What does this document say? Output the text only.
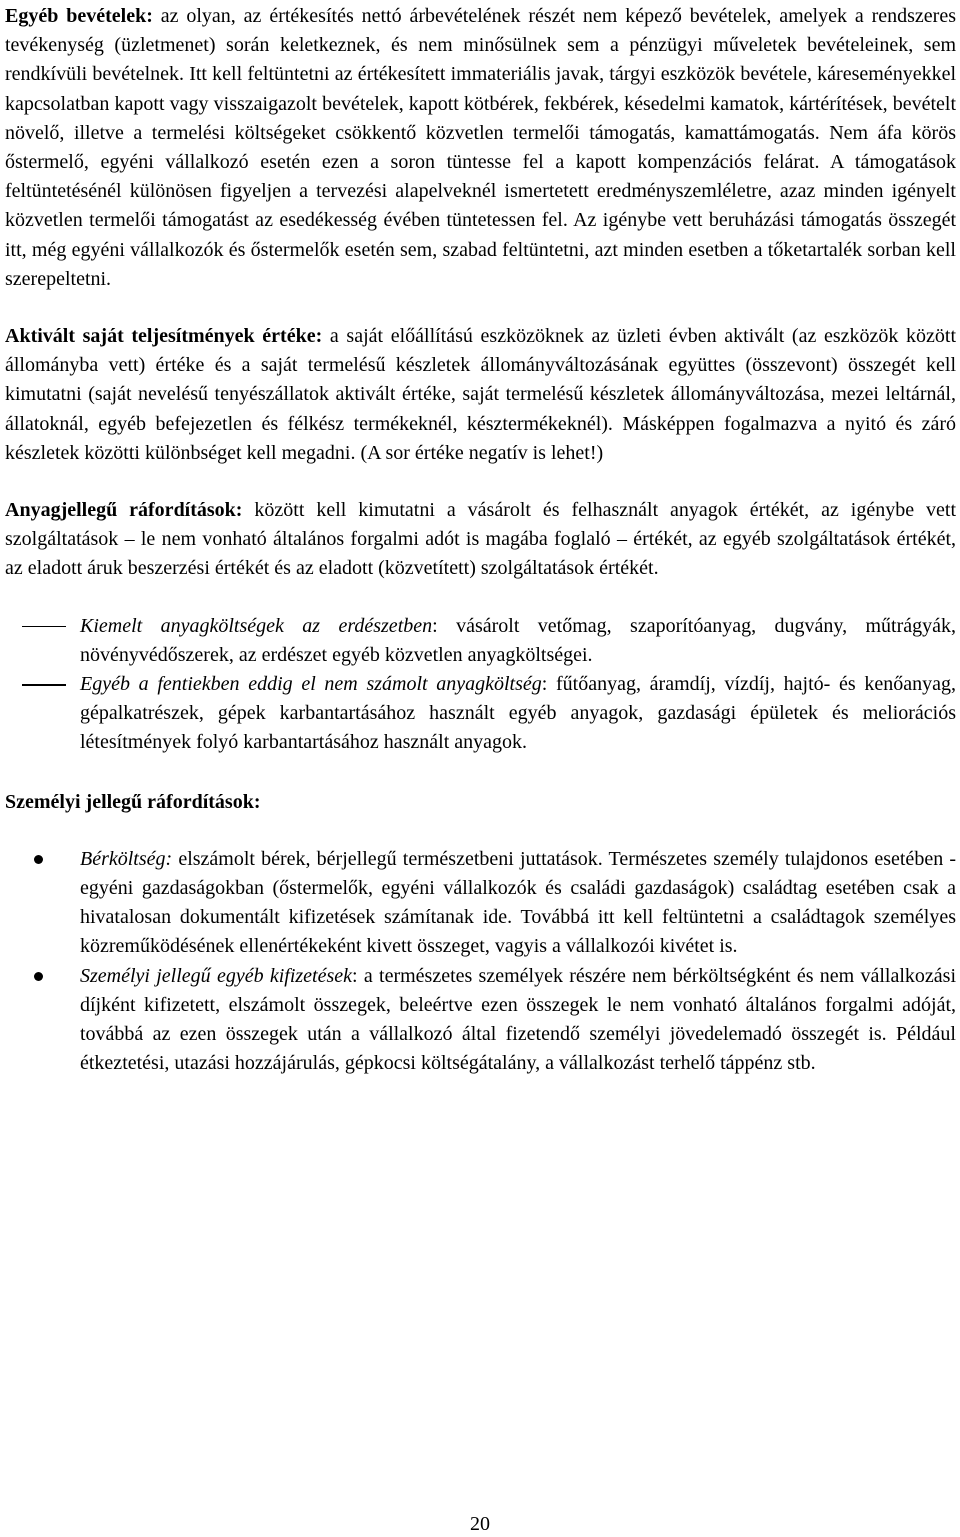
Egyéb bevételek: az olyan, az értékesítés nettó árbevételének részét nem képező bevételek, amelyek a rendszeres tevékenység (üzletmenet) során keletkeznek, és nem minősülnek sem a pénzügyi műveletek bevételeinek, sem rendkívüli bevételnek. Itt kell feltüntetni az értékesített immateriális javak, tárgyi eszközök bevétele, káreseményekkel kapcsolatban kapott vagy visszaigazolt bevételek, kapott kötbérek, fekbérek, késedelmi kamatok, kártérítések, bevételt növelő, illetve a termelési költségeket csökkentő közvetlen termelői támogatás, kamattámogatás. Nem áfa körös őstermelő, egyéni vállalkozó esetén ezen a soron tüntesse fel a kapott kompenzációs felárat. A támogatások feltüntetésénél különösen figyeljen a tervezési alapelveknél ismertetett eredményszemléletre, azaz minden igényelt közvetlen termelői támogatást az esedékesség évében tüntetessen fel. Az igénybe vett beruházási támogatás összegét itt, még egyéni vállalkozók és őstermelők esetén sem, szabad feltüntetni, azt minden esetben a tőketartalék sorban kell szerepeltetni.

Aktivált saját teljesítmények értéke: a saját előállítású eszközöknek az üzleti évben aktivált (az eszközök között állományba vett) értéke és a saját termelésű készletek állományváltozásának együttes (összevont) összegét kell kimutatni (saját nevelésű tenyészállatok aktivált értéke, saját termelésű készletek állományváltozása, mezei leltárnál, állatoknál, egyéb befejezetlen és félkész termékeknél, késztermékeknél). Másképpen fogalmazva a nyitó és záró készletek közötti különbséget kell megadni. (A sor értéke negatív is lehet!)

Anyagjellegű ráfordítások: között kell kimutatni a vásárolt és felhasznált anyagok értékét, az igénybe vett szolgáltatások – le nem vonható általános forgalmi adót is magába foglaló – értékét, az egyéb szolgáltatások értékét, az eladott áruk beszerzési értékét és az eladott (közvetített) szolgáltatások értékét.

Kiemelt anyagköltségek az erdészetben: vásárolt vetőmag, szaporítóanyag, dugvány, műtrágyák, növényvédőszerek, az erdészet egyéb közvetlen anyagköltségei.
Egyéb a fentiekben eddig el nem számolt anyagköltség: fűtőanyag, áramdíj, vízdíj, hajtó- és kenőanyag, gépalkatrészek, gépek karbantartásához használt egyéb anyagok, gazdasági épületek és meliorációs létesítmények folyó karbantartásához használt anyagok.

Személyi jellegű ráfordítások:

Bérköltség: elszámolt bérek, bérjellegű természetbeni juttatások. Természetes személy tulajdonos esetében - egyéni gazdaságokban (őstermelők, egyéni vállalkozók és családi gazdaságok) családtag esetében csak a hivatalosan dokumentált kifizetések számítanak ide. Továbbá itt kell feltüntetni a családtagok személyes közreműködésének ellenértékeként kivett összeget, vagyis a vállalkozói kivétet is.
Személyi jellegű egyéb kifizetések: a természetes személyek részére nem bérköltségként és nem vállalkozási díjként kifizetett, elszámolt összegek, beleértve ezen összegek le nem vonható általános forgalmi adóját, továbbá az ezen összegek után a vállalkozó által fizetendő személyi jövedelemadó összegét is. Például étkeztetési, utazási hozzájárulás, gépkocsi költségátalány, a vállalkozást terhelő táppénz stb.
20
